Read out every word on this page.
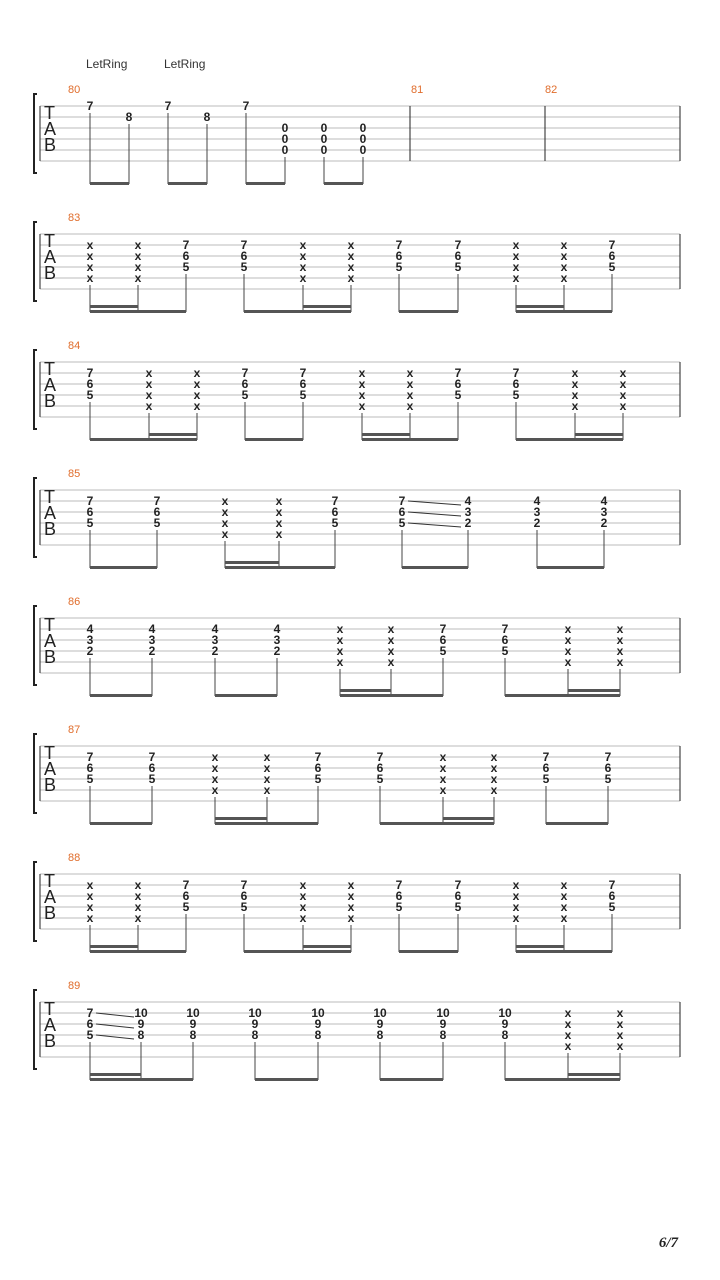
T
A
B
80	81	82
7
8
7
8
7
0
0
0
0
0
0
0
0
0
LetRing	LetRing
T
A
B
83
x
x
x
x
x
x
x
x
7
6
5
7
6
5
x
x
x
x
x
x
x
x
7
6
5
7
6
5
x
x
x
x
x
x
x
x
7
6
5
T
A
B
84
7
6
5
x
x
x
x
x
x
x
x
7
6
5
7
6
5
x
x
x
x
x
x
x
x
7
6
5
7
6
5
x
x
x
x
x
x
x
x
T
A
B
85
7
6
5
7
6
5
x
x
x
x
x
x
x
x
7
6
5
7
6
5
4
3
2
4
3
2
4
3
2
T
A
B
86
4
3
2
4
3
2
4
3
2
4
3
2
x
x
x
x
x
x
x
x
7
6
5
7
6
5
x
x
x
x
x
x
x
x
T
A
B
87
7
6
5
7
6
5
x
x
x
x
x
x
x
x
7
6
5
7
6
5
x
x
x
x
x
x
x
x
7
6
5
7
6
5
T
A
B
88
x
x
x
x
x
x
x
x
7
6
5
7
6
5
x
x
x
x
x
x
x
x
7
6
5
7
6
5
x
x
x
x
x
x
x
x
7
6
5
T
A
B
89
7
6
5
10
9
8
10
9
8
10
9
8
10
9
8
10
9
8
10
9
8
10
9
8
x
x
x
x
x
x
x
x
6/7
